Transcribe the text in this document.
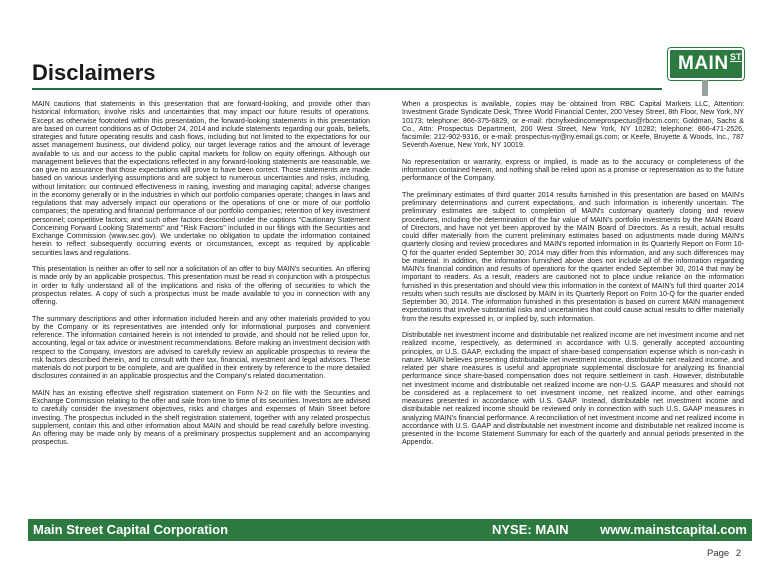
Disclaimers	MAIN ST

MAIN cautions that statements in this presentation that are forward-looking, and provide other than historical information, involve risks and uncertainties that may impact our future results of operations. Except as otherwise footnoted within this presentation, the forward-looking statements in this presentation are based on current conditions as of October 24, 2014 and include statements regarding our goals, beliefs, strategies and future operating results and cash flows, including but not limited to the expectations for our asset management business, our dividend policy, our target leverage ratios and the amount of leverage available to us and our access to the public capital markets for follow on equity offerings. Although our management believes that the expectations reflected in any forward-looking statements are reasonable, we can give no assurance that those expectations will prove to have been correct. Those statements are made based on various underlying assumptions and are subject to numerous uncertainties and risks, including, without limitation: our continued effectiveness in raising, investing and managing capital; adverse changes in the economy generally or in the industries in which our portfolio companies operate; changes in laws and regulations that may adversely impact our operations or the operations of one or more of our portfolio companies; the operating and financial performance of our portfolio companies; retention of key investment personnel; competitive factors; and such other factors described under the captions "Cautionary Statement Concerning Forward Looking Statements" and "Risk Factors" included in our filings with the Securities and Exchange Commission (www.sec.gov). We undertake no obligation to update the information contained herein to reflect subsequently occurring events or circumstances, except as required by applicable securities laws and regulations.

This presentation is neither an offer to sell nor a solicitation of an offer to buy MAIN's securities. An offering is made only by an applicable prospectus. This presentation must be read in conjunction with a prospectus in order to fully understand all of the implications and risks of the offering of securities to which the prospectus relates. A copy of such a prospectus must be made available to you in connection with any offering.

The summary descriptions and other information included herein and any other materials provided to you by the Company or its representatives are intended only for informational purposes and convenient reference. The information contained herein is not intended to provide, and should not be relied upon for, accounting, legal or tax advice or investment recommendations. Before making an investment decision with respect to the Company, investors are advised to carefully review an applicable prospectus to review the risk factors described therein, and to consult with their tax, financial, investment and legal advisors. These materials do not purport to be complete, and are qualified in their entirety by reference to the more detailed disclosures contained in an applicable prospectus and the Company's related documentation.

MAIN has an existing effective shelf registration statement on Form N-2 on file with the Securities and Exchange Commission relating to the offer and sale from time to time of its securities. Investors are advised to carefully consider the investment objectives, risks and charges and expenses of Main Street before investing. The prospectus included in the shelf registration statement, together with any related prospectus supplement, contain this and other information about MAIN and should be read carefully before investing. An offering may be made only by means of a preliminary prospectus supplement and an accompanying prospectus.

When a prospectus is available, copies may be obtained from RBC Capital Markets LLC, Attention: Investment Grade Syndicate Desk, Three World Financial Center, 200 Vesey Street, 8th Floor, New York, NY 10173; telephone: 866-375-6829, or e-mail: rbcnyfixedincomeprospectus@rbccm.com; Goldman, Sachs & Co., Attn: Prospectus Department, 200 West Street, New York, NY 10282; telephone: 866-471-2526, facsimile: 212-902-9316, or e-mail: prospectus-ny@ny.email.gs.com; or Keefe, Bruyette & Woods, Inc., 787 Seventh Avenue, New York, NY 10019.

No representation or warranty, express or implied, is made as to the accuracy or completeness of the information contained herein, and nothing shall be relied upon as a promise or representation as to the future performance of the Company.

The preliminary estimates of third quarter 2014 results furnished in this presentation are based on MAIN's preliminary determinations and current expectations, and such information is inherently uncertain. The preliminary estimates are subject to completion of MAIN's customary quarterly closing and review procedures, including the determination of the fair value of MAIN's portfolio investments by the MAIN Board of Directors, and have not yet been approved by the MAIN Board of Directors. As a result, actual results could differ materially from the current preliminary estimates based on adjustments made during MAIN's quarterly closing and review procedures and MAIN's reported information in its Quarterly Report on Form 10-Q for the quarter ended September 30, 2014 may differ from this information, and any such differences may be material. In addition, the information furnished above does not include all of the information regarding MAIN's financial condition and results of operations for the quarter ended September 30, 2014 that may be important to readers. As a result, readers are cautioned not to place undue reliance on the information furnished in this presentation and should view this information in the context of MAIN's full third quarter 2014 results when such results are disclosed by MAIN in its Quarterly Report on Form 10-Q for the quarter ended September 30, 2014. The information furnished in this presentation is based on current MAIN management expectations that involve substantial risks and uncertainties that could cause actual results to differ materially from the results expressed in, or implied by, such information.

Distributable net investment income and distributable net realized income are net investment income and net realized income, respectively, as determined in accordance with U.S. generally accepted accounting principles, or U.S. GAAP, excluding the impact of share-based compensation expense which is non-cash in nature. MAIN believes presenting distributable net investment income, distributable net realized income, and related per share measures is useful and appropriate supplemental disclosure for analyzing its financial performance since share-based compensation does not require settlement in cash. However, distributable net investment income and distributable net realized income are non-U.S. GAAP measures and should not be considered as a replacement to net investment income, net realized income, and other earnings measures presented in accordance with U.S. GAAP. Instead, distributable net investment income and distributable net realized income should be reviewed only in connection with such U.S. GAAP measures in analyzing MAIN's financial performance. A reconciliation of net investment income and net realized income in accordance with U.S. GAAP and distributable net investment income and distributable net realized income is presented in the Income Statement Summary for each of the quarterly and annual periods presented in the Appendix.

Main Street Capital Corporation	NYSE: MAIN www.mainstcapital.com
Page 2
